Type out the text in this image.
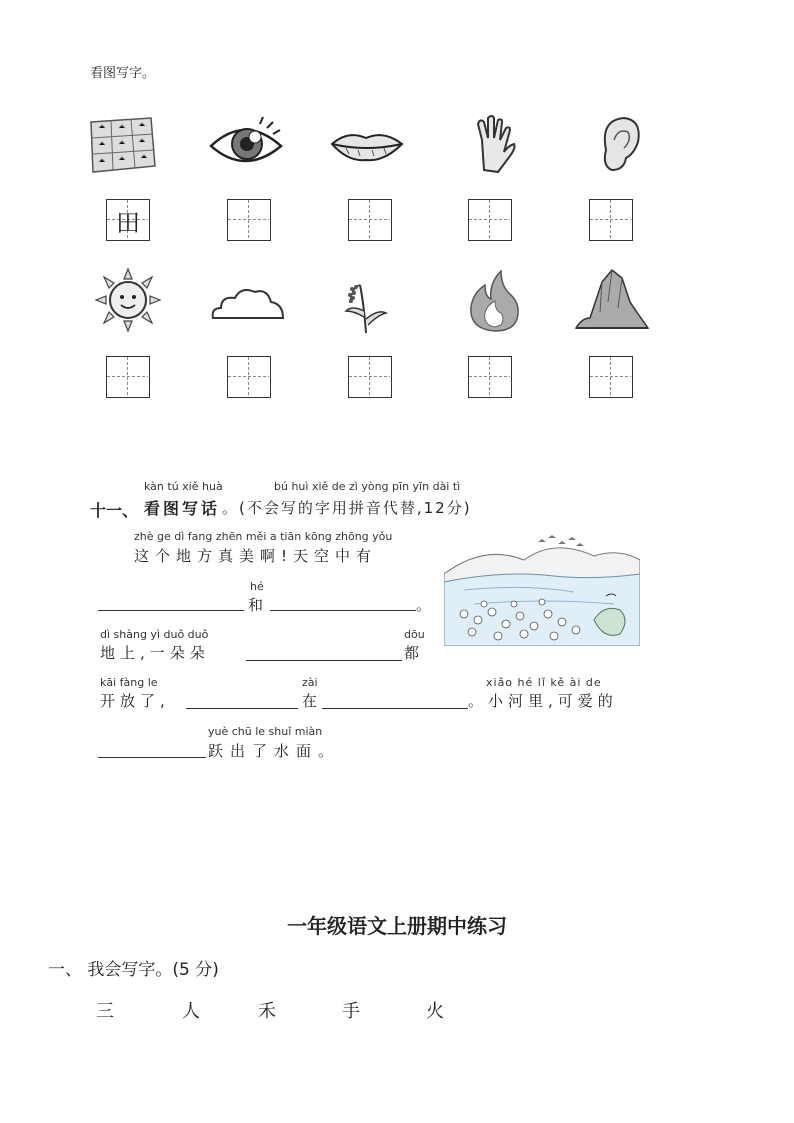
看图写字。
田
kàn tú xiě huà	bú huì xiě de zì yòng pīn yīn dài tì
十一、 看图写话 。(不会写的字用拼音代替,12分)
zhè ge dì fang zhēn měi a tiān kōng zhōng yǒu
这个地方真美啊!天空中有
hé
和	。
dì shàng yì duǒ duǒ
地上,一朵朵
dōu
都
kāi fàng le
开放了,
zài
在
xiǎo hé lǐ kě ài de
。小河里,可爱的
yuè chū le shuǐ miàn
跃出了水面。
一年级语文上册期中练习
一、 我会写字。(5 分)
三	人	禾	手	火
